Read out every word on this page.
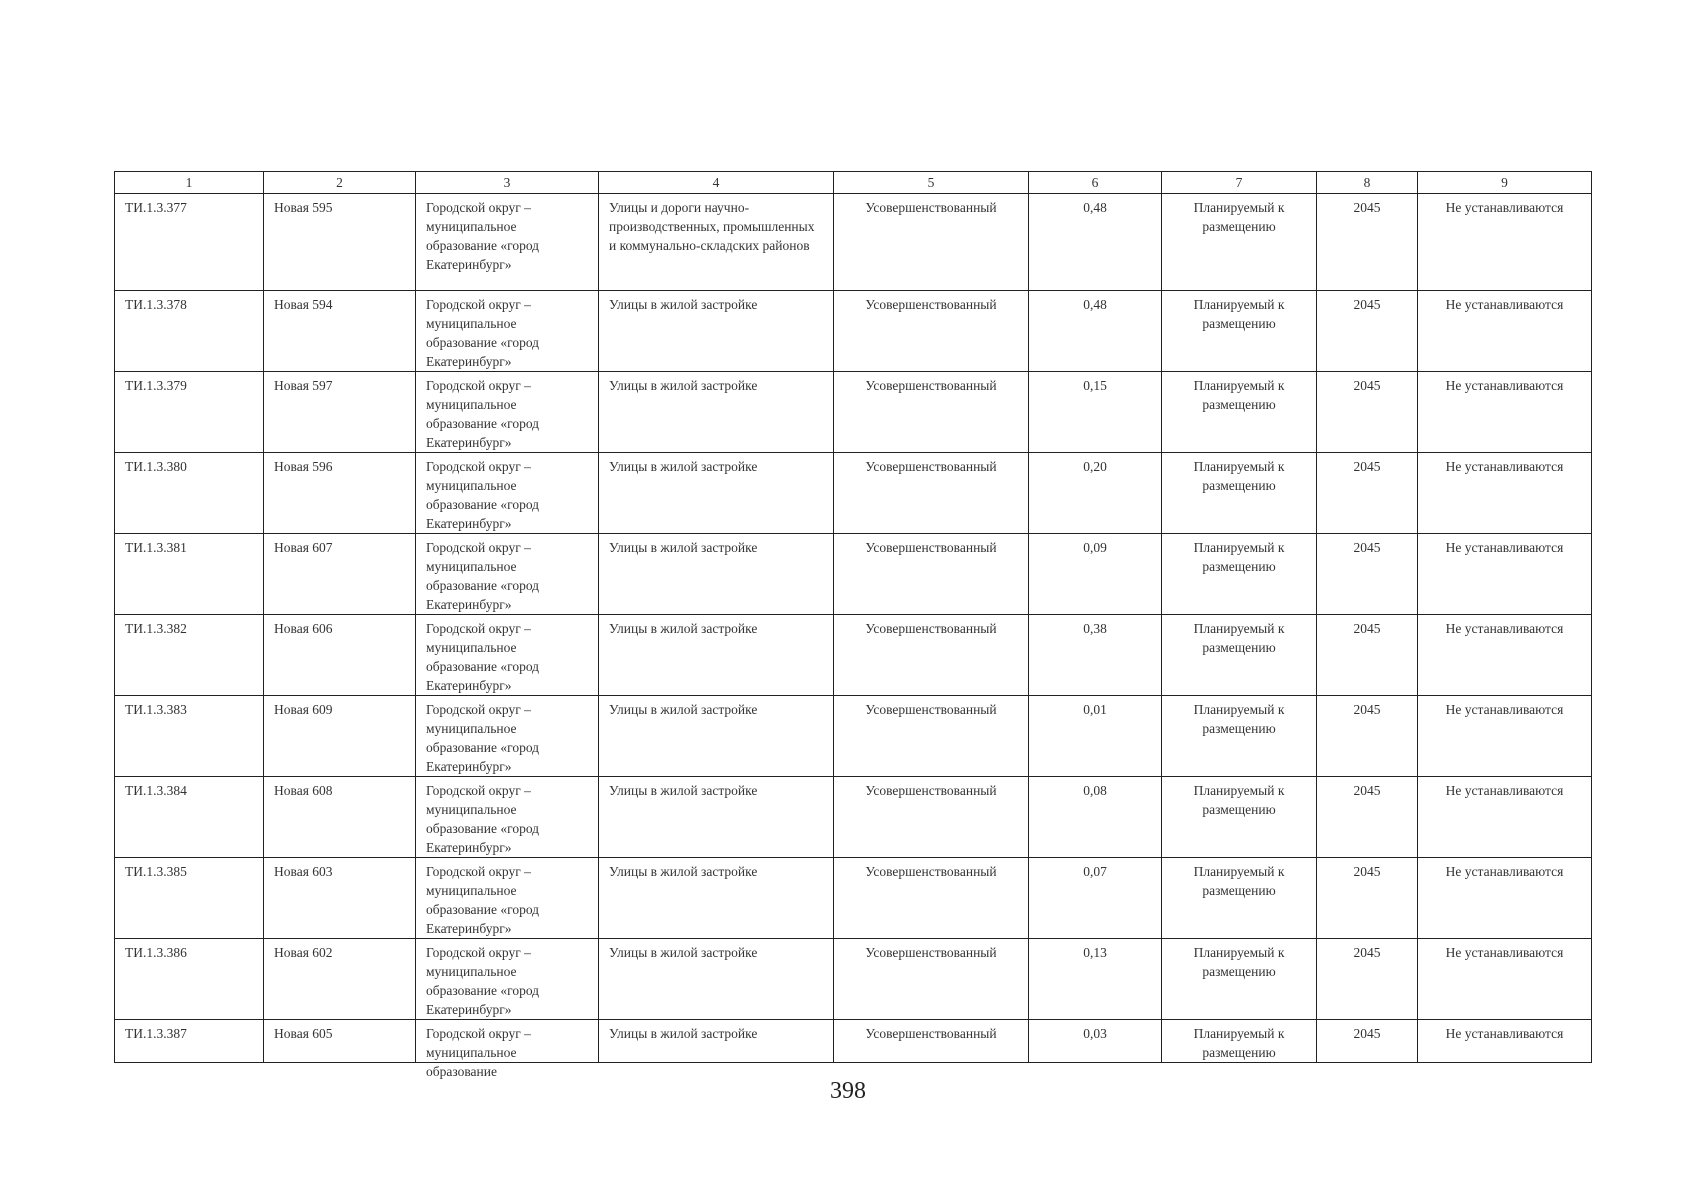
1	2	3	4	5	6	7	8	9
ТИ.1.3.377	Новая 595	Городской округ – муниципальное образование «город Екатеринбург»	Улицы и дороги научно-производственных, промышленных и коммунально-складских районов	Усовершенствованный	0,48	Планируемый к размещению	2045	Не устанавливаются
ТИ.1.3.378	Новая 594	Городской округ – муниципальное образование «город Екатеринбург»	Улицы в жилой застройке	Усовершенствованный	0,48	Планируемый к размещению	2045	Не устанавливаются
ТИ.1.3.379	Новая 597	Городской округ – муниципальное образование «город Екатеринбург»	Улицы в жилой застройке	Усовершенствованный	0,15	Планируемый к размещению	2045	Не устанавливаются
ТИ.1.3.380	Новая 596	Городской округ – муниципальное образование «город Екатеринбург»	Улицы в жилой застройке	Усовершенствованный	0,20	Планируемый к размещению	2045	Не устанавливаются
ТИ.1.3.381	Новая 607	Городской округ – муниципальное образование «город Екатеринбург»	Улицы в жилой застройке	Усовершенствованный	0,09	Планируемый к размещению	2045	Не устанавливаются
ТИ.1.3.382	Новая 606	Городской округ – муниципальное образование «город Екатеринбург»	Улицы в жилой застройке	Усовершенствованный	0,38	Планируемый к размещению	2045	Не устанавливаются
ТИ.1.3.383	Новая 609	Городской округ – муниципальное образование «город Екатеринбург»	Улицы в жилой застройке	Усовершенствованный	0,01	Планируемый к размещению	2045	Не устанавливаются
ТИ.1.3.384	Новая 608	Городской округ – муниципальное образование «город Екатеринбург»	Улицы в жилой застройке	Усовершенствованный	0,08	Планируемый к размещению	2045	Не устанавливаются
ТИ.1.3.385	Новая 603	Городской округ – муниципальное образование «город Екатеринбург»	Улицы в жилой застройке	Усовершенствованный	0,07	Планируемый к размещению	2045	Не устанавливаются
ТИ.1.3.386	Новая 602	Городской округ – муниципальное образование «город Екатеринбург»	Улицы в жилой застройке	Усовершенствованный	0,13	Планируемый к размещению	2045	Не устанавливаются
ТИ.1.3.387	Новая 605	Городской округ – муниципальное образование	Улицы в жилой застройке	Усовершенствованный	0,03	Планируемый к размещению	2045	Не устанавливаются
398
